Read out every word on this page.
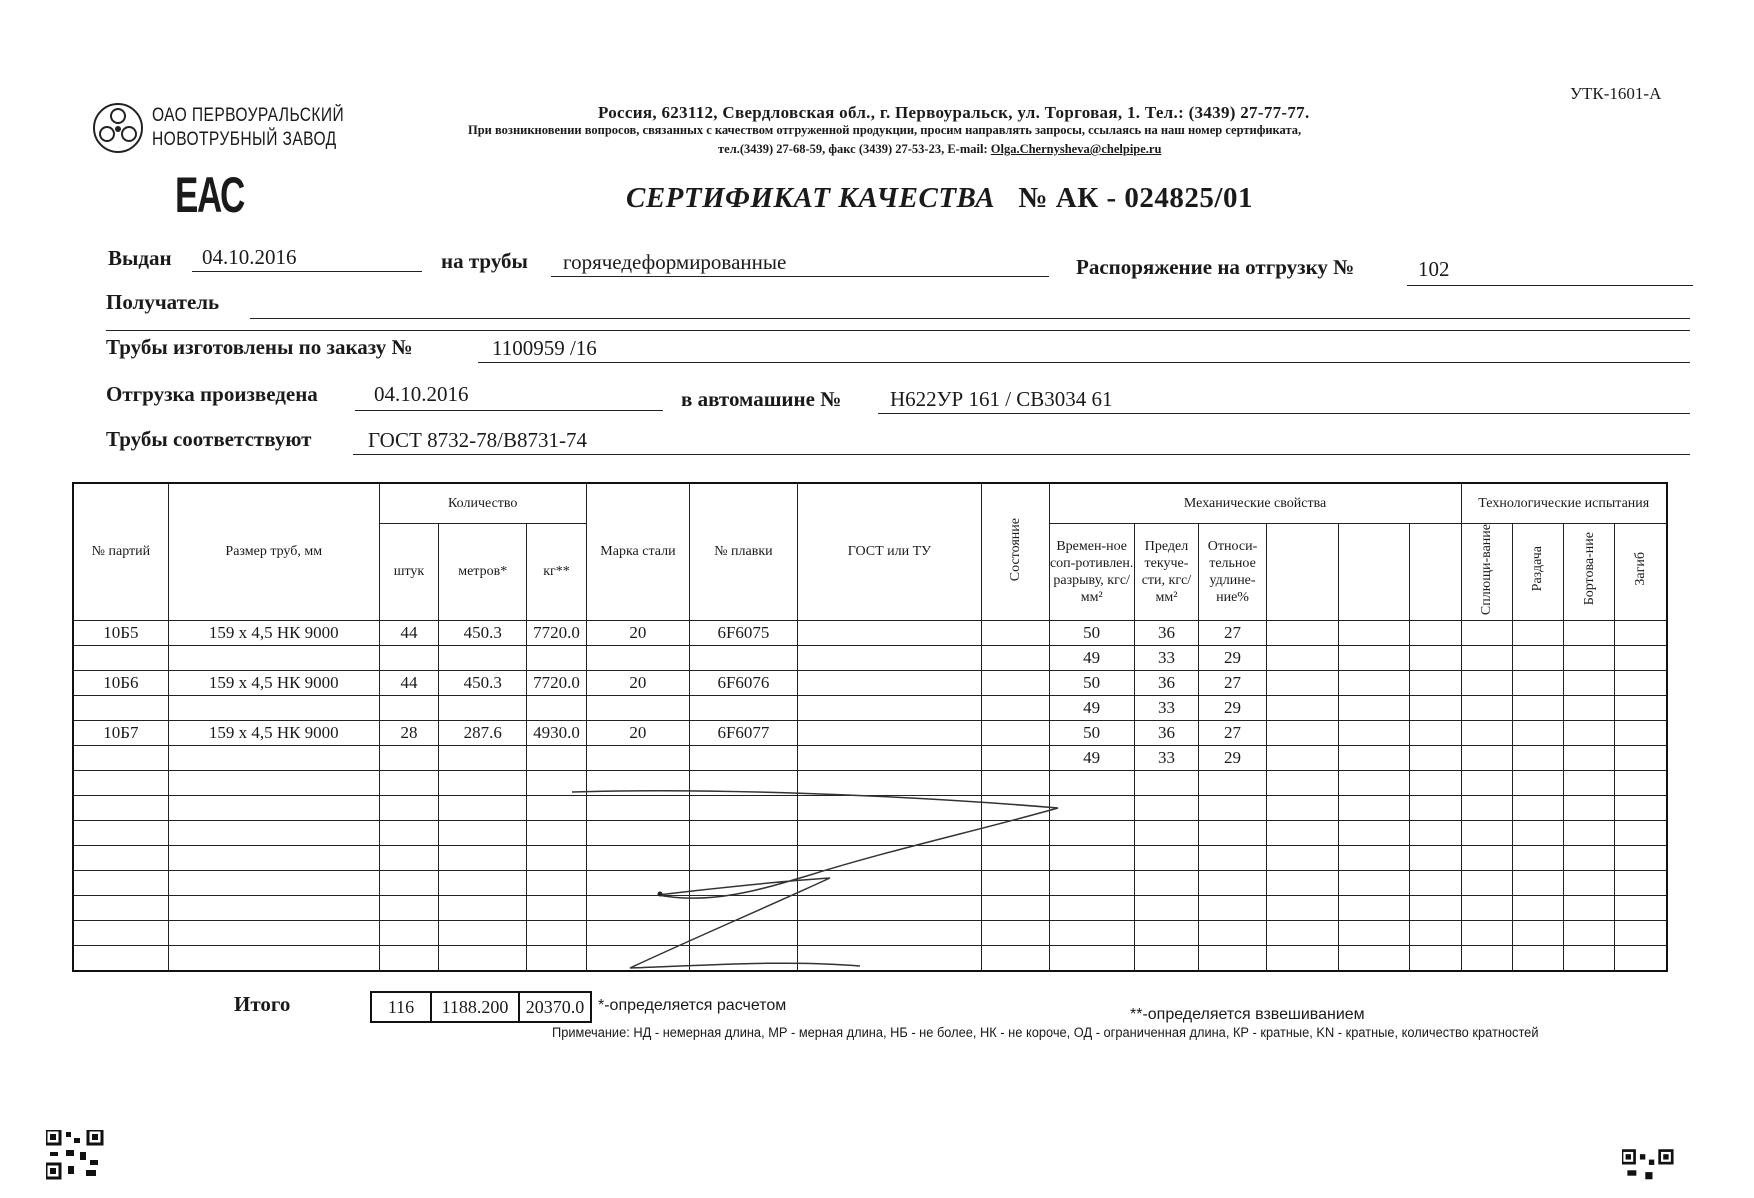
ОАО ПЕРВОУРАЛЬСКИЙ
НОВОТРУБНЫЙ ЗАВОД
ЕАС
УТК-1601-А
Россия, 623112, Свердловская обл., г. Первоуральск, ул. Торговая, 1. Тел.: (3439) 27-77-77.
При возникновении вопросов, связанных с качеством отгруженной продукции, просим направлять запросы, ссылаясь на наш номер сертификата,
тел.(3439) 27-68-59, факс (3439) 27-53-23, E-mail: Olga.Chernysheva@chelpipe.ru
СЕРТИФИКАТ КАЧЕСТВА № АК - 024825/01
Выдан 04.10.2016	на трубы горячедеформированные	Распоряжение на отгрузку №	102
Получатель
Трубы изготовлены по заказу №	1100959 /16
Отгрузка произведена	04.10.2016	в автомашине № Н622УР 161 / СВ3034 61
Трубы соответствуют	ГОСТ 8732-78/В8731-74
№ партий	Размер труб, мм	Количество			Марка стали	№ плавки	ГОСТ или ТУ	Состояние	Механические свойства						Технологические испытания			
		штук	метров*	кг**					Времен-ное соп-ротивлен. разрыву, кгс/мм²	Предел текуче-сти, кгс/мм²	Относи-тельное удлине-ние%				Сплющи-вание	Раздача	Бортова-ние	Загиб
10Б5	159 х 4,5 НК 9000	44	450.3	7720.0	20	6F6075			50	36	27							
									49	33	29							
10Б6	159 х 4,5 НК 9000	44	450.3	7720.0	20	6F6076			50	36	27							
									49	33	29							
10Б7	159 х 4,5 НК 9000	28	287.6	4930.0	20	6F6077			50	36	27							
									49	33	29							

Итого	116	1188.200	20370.0 *-определяется расчетом
**-определяется взвешиванием
Примечание: НД - немерная длина, МР - мерная длина, НБ - не более, НК - не короче, ОД - ограниченная длина, КР - кратные, KN - кратные, количество кратностей
